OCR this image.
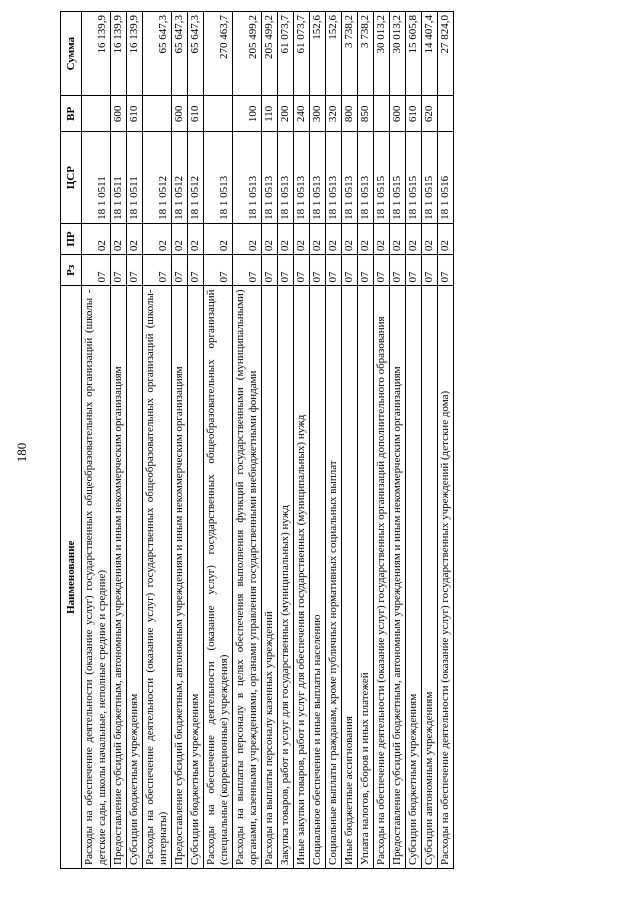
180
Наименование	Рз	ПР	ЦСР	ВР	Сумма
Расходы на обеспечение деятельности (оказание услуг) государственных общеобразовательных организаций (школы - детские сады, школы начальные, неполные средние и средние)	07	02	18 1 0511		16 139,9
Предоставление субсидий бюджетным, автономным учреждениям и иным некоммерческим организациям	07	02	18 1 0511	600	16 139,9
Субсидии бюджетным учреждениям	07	02	18 1 0511	610	16 139,9
Расходы на обеспечение деятельности (оказание услуг) государственных общеобразовательных организаций (школы-интернаты)	07	02	18 1 0512		65 647,3
Предоставление субсидий бюджетным, автономным учреждениям и иным некоммерческим организациям	07	02	18 1 0512	600	65 647,3
Субсидии бюджетным учреждениям	07	02	18 1 0512	610	65 647,3
Расходы на обеспечение деятельности (оказание услуг) государственных общеобразовательных организаций (специальные (коррекционные) учреждения)	07	02	18 1 0513		270 463,7
Расходы на выплаты персоналу в целях обеспечения выполнения функций государственными (муниципальными) органами, казенными учреждениями, органами управления государственными внебюджетными фондами	07	02	18 1 0513	100	205 499,2
Расходы на выплаты персоналу казенных учреждений	07	02	18 1 0513	110	205 499,2
Закупка товаров, работ и услуг для государственных (муниципальных) нужд	07	02	18 1 0513	200	61 073,7
Иные закупки товаров, работ и услуг для обеспечения государственных (муниципальных) нужд	07	02	18 1 0513	240	61 073,7
Социальное обеспечение и иные выплаты населению	07	02	18 1 0513	300	152,6
Социальные выплаты гражданам, кроме публичных нормативных социальных выплат	07	02	18 1 0513	320	152,6
Иные бюджетные ассигнования	07	02	18 1 0513	800	3 738,2
Уплата налогов, сборов и иных платежей	07	02	18 1 0513	850	3 738,2
Расходы на обеспечение деятельности (оказание услуг) государственных организаций дополнительного образования	07	02	18 1 0515		30 013,2
Предоставление субсидий бюджетным, автономным учреждениям и иным некоммерческим организациям	07	02	18 1 0515	600	30 013,2
Субсидии бюджетным учреждениям	07	02	18 1 0515	610	15 605,8
Субсидии автономным учреждениям	07	02	18 1 0515	620	14 407,4
Расходы на обеспечение деятельности (оказание услуг) государственных учреждений (детские дома)	07	02	18 1 0516		27 824,0
